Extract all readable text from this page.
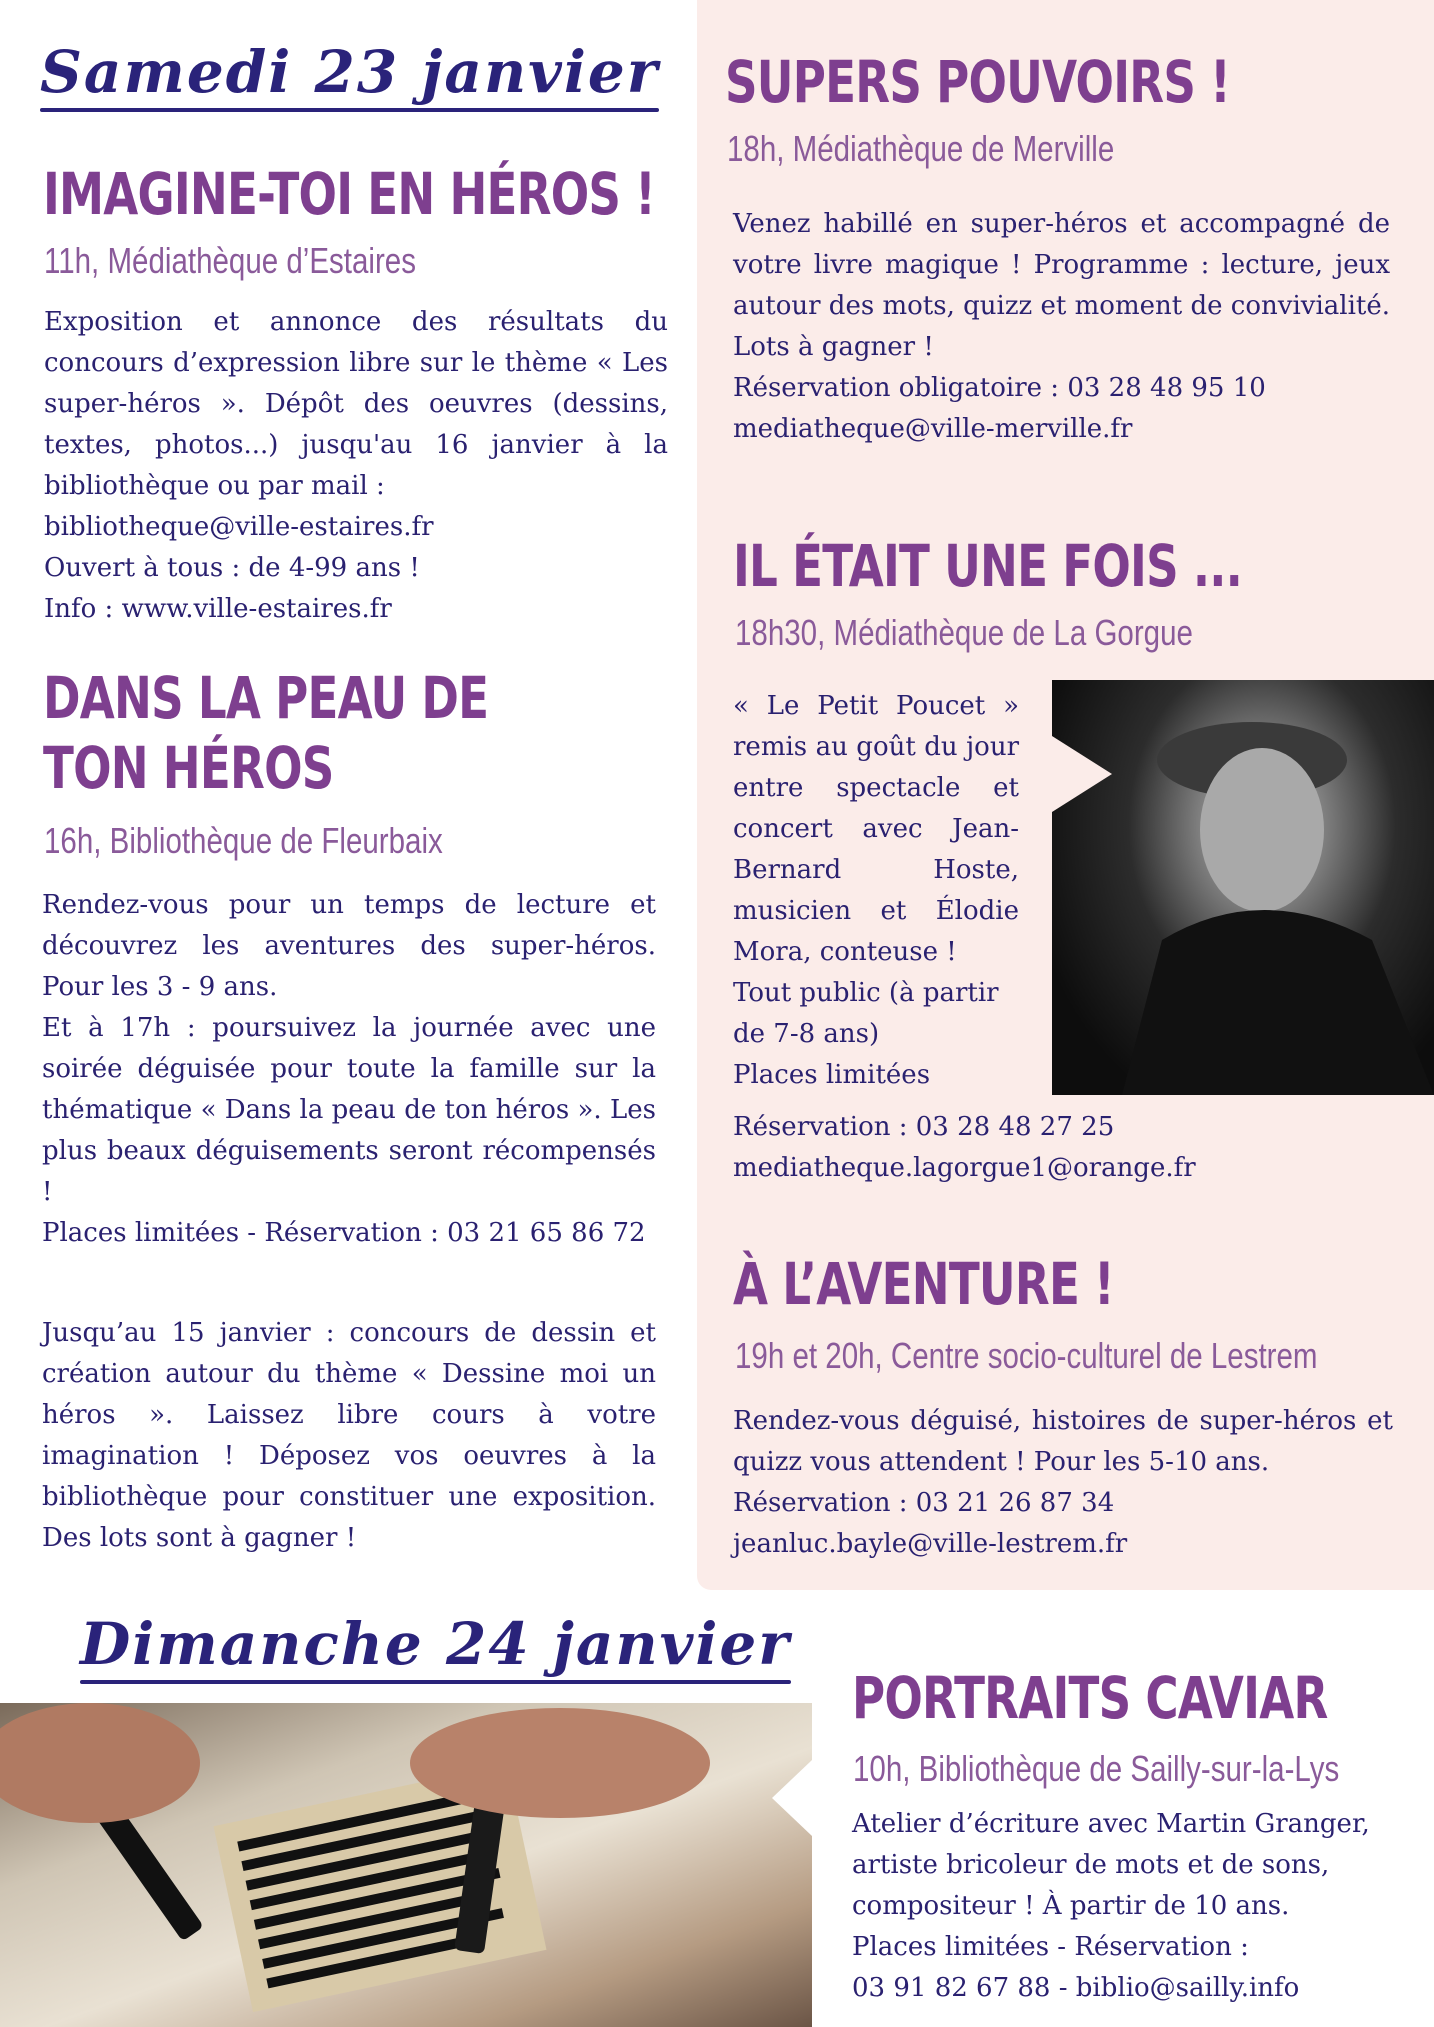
Samedi 23 janvier
IMAGINE-TOI EN HÉROS !
11h, Médiathèque d’Estaires

Exposition et annonce des résultats du concours d’expression libre sur le thème « Les super-héros ». Dépôt des oeuvres (dessins, textes, photos...) jusqu'au 16 janvier à la bibliothèque ou par mail :

bibliotheque@ville-estaires.fr

Ouvert à tous : de 4-99 ans !

Info : www.ville-estaires.fr

DANS LA PEAU DE
TON HÉROS
16h, Bibliothèque de Fleurbaix

Rendez-vous pour un temps de lecture et découvrez les aventures des super-héros. Pour les 3 - 9 ans.

Et à 17h : poursuivez la journée avec une soirée déguisée pour toute la famille sur la thématique « Dans la peau de ton héros ». Les plus beaux déguisements seront récompensés !

Places limitées - Réservation : 03 21 65 86 72

Jusqu’au 15 janvier : concours de dessin et création autour du thème « Dessine moi un héros ». Laissez libre cours à votre imagination ! Déposez vos oeuvres à la bibliothèque pour constituer une exposition. Des lots sont à gagner !

SUPERS POUVOIRS !
18h, Médiathèque de Merville

Venez habillé en super-héros et accompagné de votre livre magique ! Programme : lecture, jeux autour des mots, quizz et moment de convivialité. Lots à gagner !

Réservation obligatoire : 03 28 48 95 10

mediatheque@ville-merville.fr

IL ÉTAIT UNE FOIS ...
18h30, Médiathèque de La Gorgue

« Le Petit Poucet » remis au goût du jour entre spectacle et concert avec Jean-Bernard Hoste, musicien et Élodie Mora, conteuse !

Tout public (à partir de 7-8 ans)

Places limitées

Réservation : 03 28 48 27 25

mediatheque.lagorgue1@orange.fr

À L’AVENTURE !
19h et 20h, Centre socio-culturel de Lestrem

Rendez-vous déguisé, histoires de super-héros et quizz vous attendent ! Pour les 5-10 ans.

Réservation : 03 21 26 87 34

jeanluc.bayle@ville-lestrem.fr

Dimanche 24 janvier
PORTRAITS CAVIAR
10h, Bibliothèque de Sailly-sur-la-Lys

Atelier d’écriture avec Martin Granger, artiste bricoleur de mots et de sons, compositeur ! À partir de 10 ans.

Places limitées - Réservation :

03 91 82 67 88 - biblio@sailly.info
